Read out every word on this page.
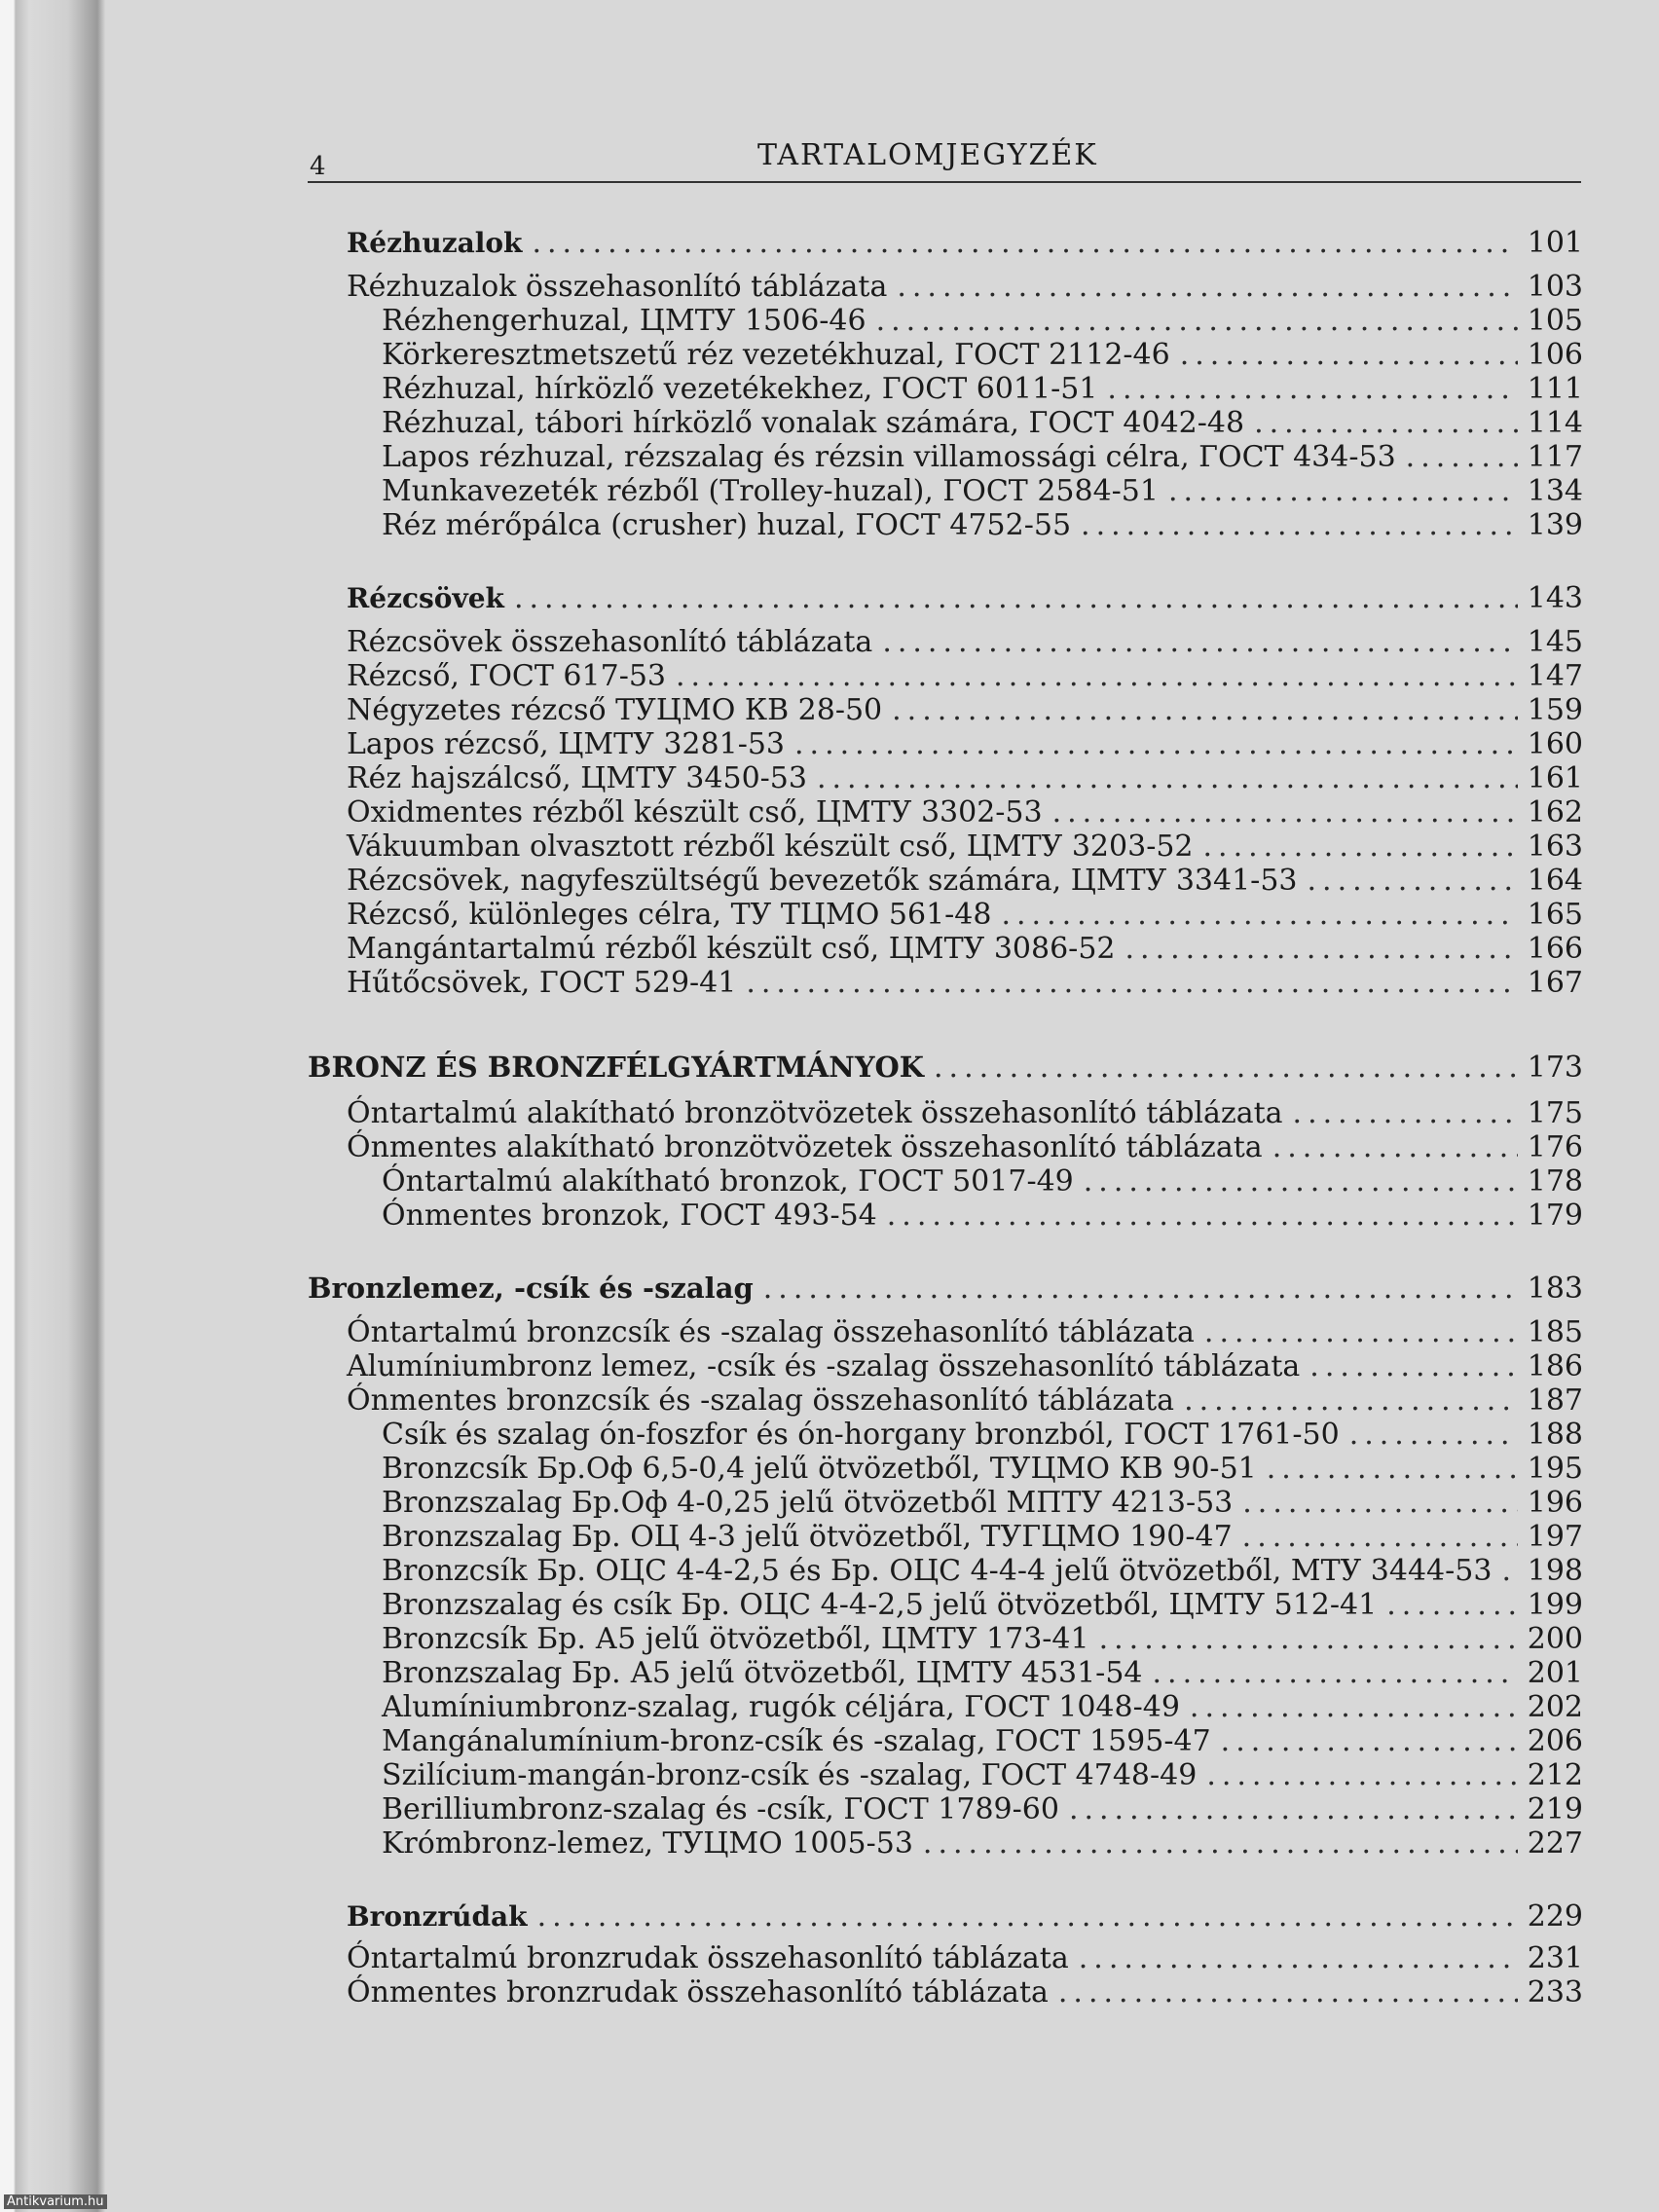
4	TARTALOMJEGYZÉK
Rézhuzalok .....	101
Rézhuzalok összehasonlító táblázata .....	103
Rézhengerhuzal, ЦМТУ 1506-46 .....	105
Körkeresztmetszetű réz vezetékhuzal, ГОСТ 2112-46 .....	106
Rézhuzal, hírközlő vezetékekhez, ГОСТ 6011-51 .....	111
Rézhuzal, tábori hírközlő vonalak számára, ГОСТ 4042-48 .....	114
Lapos rézhuzal, rézszalag és rézsin villamossági célra, ГОСТ 434-53 .....	117
Munkavezeték rézből (Trolley-huzal), ГОСТ 2584-51 .....	134
Réz mérőpálca (crusher) huzal, ГОСТ 4752-55 .....	139
Rézcsövek .....	143
Rézcsövek összehasonlító táblázata .....	145
Rézcső, ГОСТ 617-53 .....	147
Négyzetes rézcső ТУЦМО КВ 28-50 .....	159
Lapos rézcső, ЦМТУ 3281-53 .....	160
Réz hajszálcső, ЦМТУ 3450-53 .....	161
Oxidmentes rézből készült cső, ЦМТУ 3302-53 .....	162
Vákuumban olvasztott rézből készült cső, ЦМТУ 3203-52 .....	163
Rézcsövek, nagyfeszültségű bevezetők számára, ЦМТУ 3341-53 .....	164
Rézcső, különleges célra, ТУ ТЦМО 561-48 .....	165
Mangántartalmú rézből készült cső, ЦМТУ 3086-52 .....	166
Hűtőcsövek, ГОСТ 529-41 .....	167
BRONZ ÉS BRONZFÉLGYÁRTMÁNYOK .....	173
Óntartalmú alakítható bronzötvözetek összehasonlító táblázata .....	175
Ónmentes alakítható bronzötvözetek összehasonlító táblázata .....	176
Óntartalmú alakítható bronzok, ГОСТ 5017-49 .....	178
Ónmentes bronzok, ГОСТ 493-54 .....	179
Bronzlemez, -csík és -szalag .....	183
Óntartalmú bronzcsík és -szalag összehasonlító táblázata .....	185
Alumíniumbronz lemez, -csík és -szalag összehasonlító táblázata .....	186
Ónmentes bronzcsík és -szalag összehasonlító táblázata .....	187
Csík és szalag ón-foszfor és ón-horgany bronzból, ГОСТ 1761-50 .....	188
Bronzcsík Бр.Оф 6,5-0,4 jelű ötvözetből, ТУЦМО КВ 90-51 .....	195
Bronzszalag Бр.Оф 4-0,25 jelű ötvözetből МПТУ 4213-53 .....	196
Bronzszalag Бр. ОЦ 4-3 jelű ötvözetből, ТУГЦМО 190-47 .....	197
Bronzcsík Бр. ОЦС 4-4-2,5 és Бр. ОЦС 4-4-4 jelű ötvözetből, МТУ 3444-53 ..... 198
Bronzszalag és csík Бр. ОЦС 4-4-2,5 jelű ötvözetből, ЦМТУ 512-41 .....	199
Bronzcsík Бр. А5 jelű ötvözetből, ЦМТУ 173-41 .....	200
Bronzszalag Бр. А5 jelű ötvözetből, ЦМТУ 4531-54 .....	201
Alumíniumbronz-szalag, rugók céljára, ГОСТ 1048-49 .....	202
Mangánalumínium-bronz-csík és -szalag, ГОСТ 1595-47 .....	206
Szilícium-mangán-bronz-csík és -szalag, ГОСТ 4748-49 .....	212
Berilliumbronz-szalag és -csík, ГОСТ 1789-60 .....	219
Krómbronz-lemez, ТУЦМО 1005-53 .....	227
Bronzrúdak .....	229
Óntartalmú bronzrudak összehasonlító táblázata .....	231
Ónmentes bronzrudak összehasonlító táblázata .....	233
Antikvarium.hu
